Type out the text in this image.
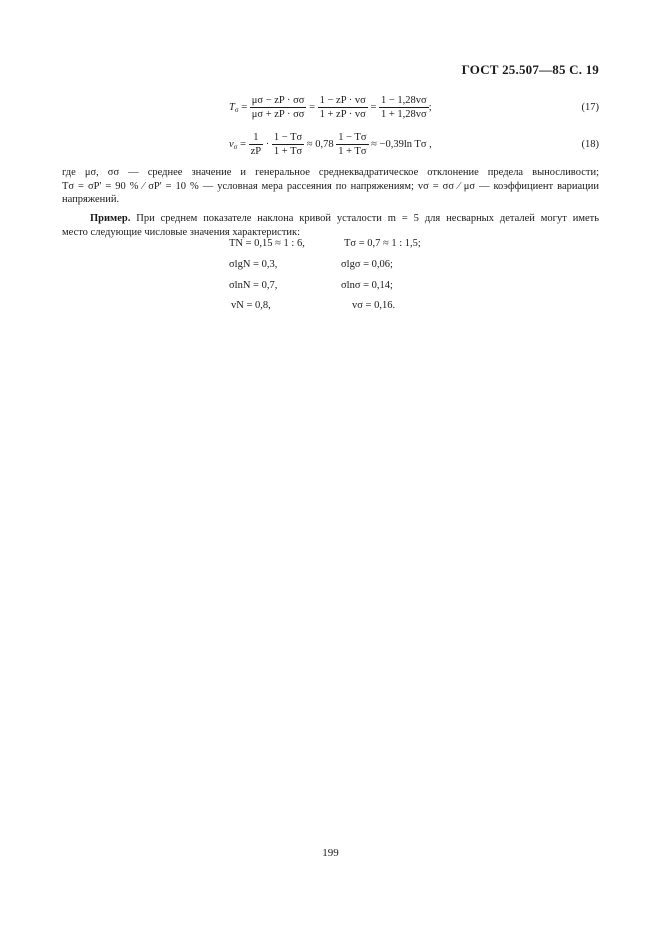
ГОСТ 25.507—85 С. 19
$T_\sigma = \frac{\mu\sigma - zP \cdot \sigma\sigma}{\mu\sigma + zP \cdot \sigma\sigma} = \frac{1 - zP \cdot v\sigma}{1 + zP \cdot v\sigma} = \frac{1 - 1,28v\sigma}{1 + 1,28v\sigma}$ ;	(17)
$v_\sigma = \frac{1}{zP} \cdot \frac{1 - T\sigma}{1 + T\sigma} \approx 0,78 \frac{1 - T\sigma}{1 + T\sigma} \approx -0,39\ln$ Tσ ,	(18)
где μσ, σσ — среднее значение и генеральное среднеквадратическое отклонение предела выносливости;
Tσ = σP' = 90 % ⁄ σP' = 10 % — условная мера рассеяния по напряжениям; vσ = σσ ⁄ μσ — коэффициент вариации
напряжений.
Пример. При среднем показателе наклона кривой усталости m = 5 для несварных деталей могут иметь
место следующие числовые значения характеристик:
TN = 0,15 ≈ 1 : 6,	Tσ = 0,7 ≈ 1 : 1,5;
σlgN = 0,3,	σlgσ = 0,06;
σlnN = 0,7,	σlnσ = 0,14;
vN = 0,8,	vσ = 0,16.
199
